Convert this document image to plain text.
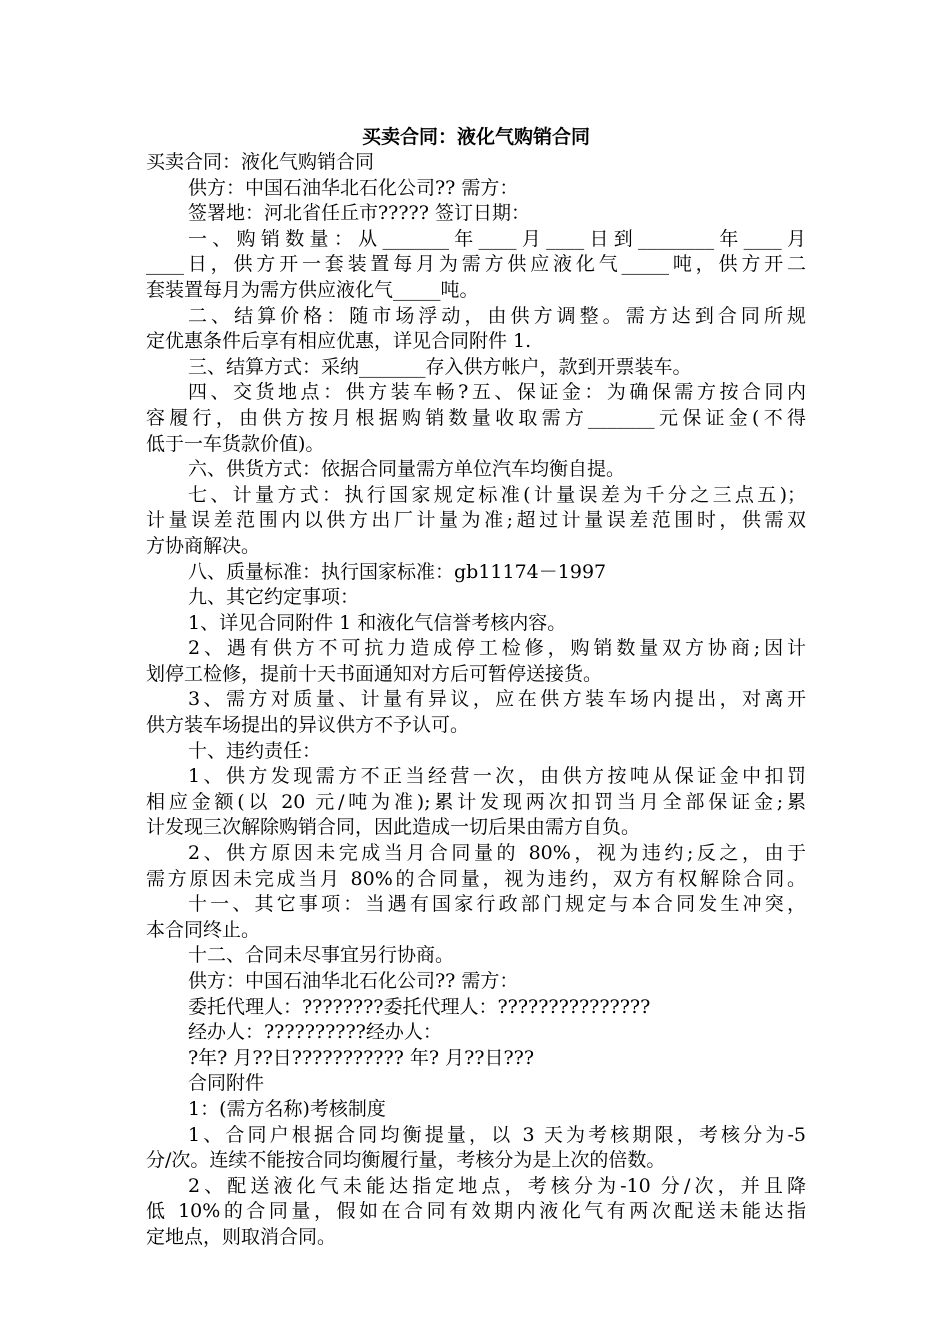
买卖合同：液化气购销合同
买卖合同：液化气购销合同
供方：中国石油华北石化公司?? 需方：
签署地：河北省任丘市????? 签订日期：
一、购销数量：从_______年____月____日到________年____月
____日，供方开一套装置每月为需方供应液化气_____吨，供方开二
套装置每月为需方供应液化气_____吨。
二、结算价格：随市场浮动，由供方调整。需方达到合同所规
定优惠条件后享有相应优惠，详见合同附件 1.
三、结算方式：采纳_______存入供方帐户，款到开票装车。
四、交货地点：供方装车畅?五、保证金：为确保需方按合同内
容履行，由供方按月根据购销数量收取需方_______元保证金(不得
低于一车货款价值)。
六、供货方式：依据合同量需方单位汽车均衡自提。
七、计量方式：执行国家规定标准(计量误差为千分之三点五)；
计量误差范围内以供方出厂计量为准;超过计量误差范围时，供需双
方协商解决。
八、质量标准：执行国家标准：gb11174－1997
九、其它约定事项：
1、详见合同附件 1 和液化气信誉考核内容。
2、遇有供方不可抗力造成停工检修，购销数量双方协商;因计
划停工检修，提前十天书面通知对方后可暂停送接货。
3、需方对质量、计量有异议，应在供方装车场内提出，对离开
供方装车场提出的异议供方不予认可。
十、违约责任：
1、供方发现需方不正当经营一次，由供方按吨从保证金中扣罚
相应金额(以 20 元/吨为准);累计发现两次扣罚当月全部保证金;累
计发现三次解除购销合同，因此造成一切后果由需方自负。
2、供方原因未完成当月合同量的 80%，视为违约;反之，由于
需方原因未完成当月 80%的合同量，视为违约，双方有权解除合同。
十一、其它事项：当遇有国家行政部门规定与本合同发生冲突，
本合同终止。
十二、合同未尽事宜另行协商。
供方：中国石油华北石化公司?? 需方：
委托代理人：????????委托代理人：???????????????
经办人：??????????经办人：
?年? 月??日??????????? 年? 月??日???
合同附件
1：(需方名称)考核制度
1、合同户根据合同均衡提量，以 3 天为考核期限，考核分为-5
分/次。连续不能按合同均衡履行量，考核分为是上次的倍数。
2、配送液化气未能达指定地点，考核分为-10 分/次，并且降
低 10%的合同量，假如在合同有效期内液化气有两次配送未能达指
定地点，则取消合同。
